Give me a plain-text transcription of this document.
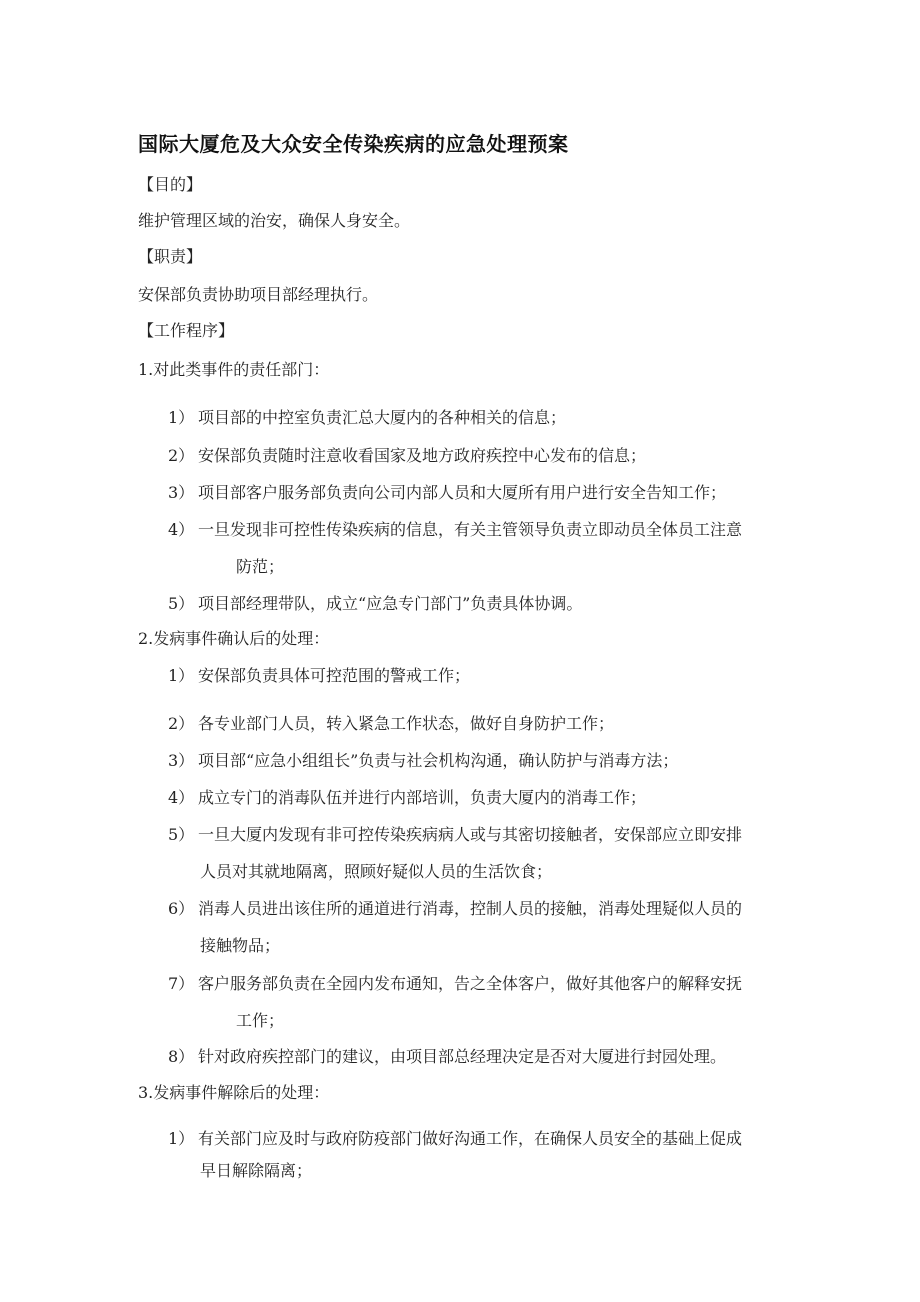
国际大厦危及大众安全传染疾病的应急处理预案
【目的】
维护管理区域的治安，确保人身安全。
【职责】
安保部负责协助项目部经理执行。
【工作程序】
1.对此类事件的责任部门：
1） 项目部的中控室负责汇总大厦内的各种相关的信息；
2） 安保部负责随时注意收看国家及地方政府疾控中心发布的信息；
3） 项目部客户服务部负责向公司内部人员和大厦所有用户进行安全告知工作；
4） 一旦发现非可控性传染疾病的信息，有关主管领导负责立即动员全体员工注意
防范；
5） 项目部经理带队，成立“应急专门部门”负责具体协调。
2.发病事件确认后的处理：
1） 安保部负责具体可控范围的警戒工作；
2） 各专业部门人员，转入紧急工作状态，做好自身防护工作；
3） 项目部“应急小组组长”负责与社会机构沟通，确认防护与消毒方法；
4） 成立专门的消毒队伍并进行内部培训，负责大厦内的消毒工作；
5） 一旦大厦内发现有非可控传染疾病病人或与其密切接触者，安保部应立即安排
人员对其就地隔离，照顾好疑似人员的生活饮食；
6） 消毒人员进出该住所的通道进行消毒，控制人员的接触，消毒处理疑似人员的
接触物品；
7） 客户服务部负责在全园内发布通知，告之全体客户，做好其他客户的解释安抚
工作；
8） 针对政府疾控部门的建议，由项目部总经理决定是否对大厦进行封园处理。
3.发病事件解除后的处理：
1） 有关部门应及时与政府防疫部门做好沟通工作，在确保人员安全的基础上促成
早日解除隔离；
